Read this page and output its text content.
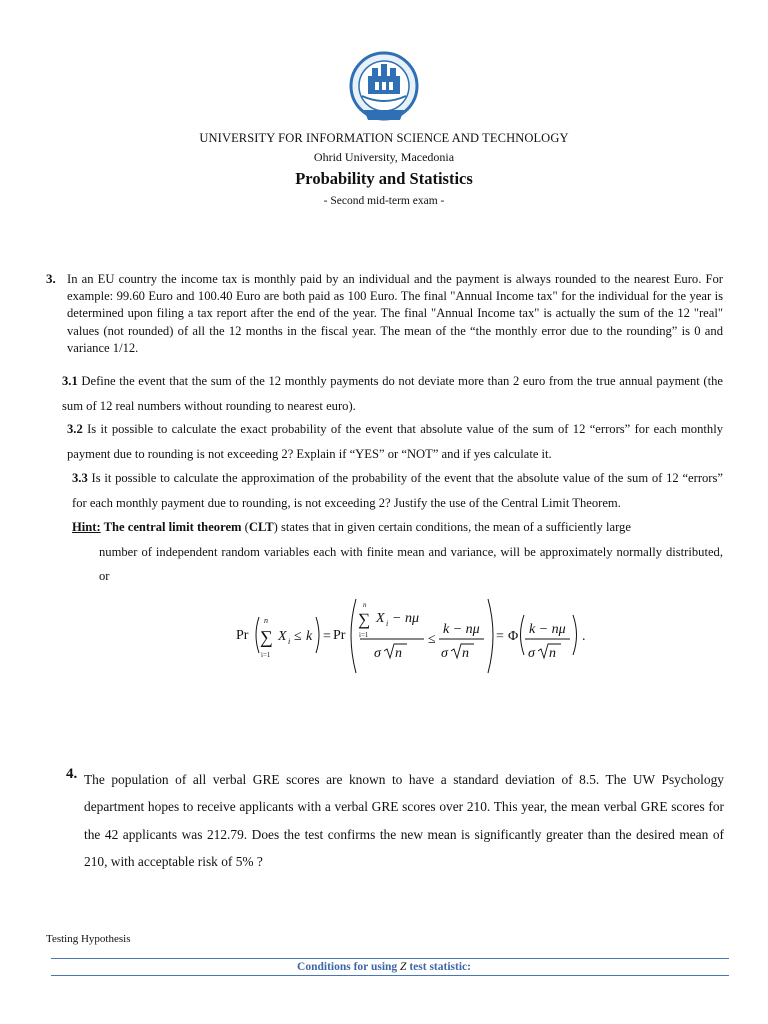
UNIVERSITY FOR INFORMATION SCIENCE AND TECHNOLOGY
Ohrid University, Macedonia
Probability and Statistics
- Second mid-term exam -
3. In an EU country the income tax is monthly paid by an individual and the payment is always rounded to the nearest Euro. For example: 99.60 Euro and 100.40 Euro are both paid as 100 Euro. The final "Annual Income tax" for the individual for the year is determined upon filing a tax report after the end of the year. The final "Annual Income tax" is actually the sum of the 12 "real" values (not rounded) of all the 12 months in the fiscal year. The mean of the “the monthly error due to the rounding” is 0 and variance 1/12.
3.1 Define the event that the sum of the 12 monthly payments do not deviate more than 2 euro from the true annual payment (the sum of 12 real numbers without rounding to nearest euro).
3.2 Is it possible to calculate the exact probability of the event that absolute value of the sum of 12 “errors” for each monthly payment due to rounding is not exceeding 2? Explain if “YES” or “NOT” and if yes calculate it.
3.3 Is it possible to calculate the approximation of the probability of the event that the absolute value of the sum of 12 “errors” for each monthly payment due to rounding, is not exceeding 2? Justify the use of the Central Limit Theorem.
Hint: The central limit theorem (CLT) states that in given certain conditions, the mean of a sufficiently large
number of independent random variables each with finite mean and variance, will be approximately normally distributed, or
Pr
n
∑
i=1
X i ≤ k = Pr
n
∑
i=1
X i − nμ
σ n
≤
k − nμ
σ n
= Φ k − nμ
σ n
.
4. The population of all verbal GRE scores are known to have a standard deviation of 8.5. The UW Psychology department hopes to receive applicants with a verbal GRE scores over 210. This year, the mean verbal GRE scores for the 42 applicants was 212.79. Does the test confirms the new mean is significantly greater than the desired mean of 210, with acceptable risk of 5% ?
Testing Hypothesis
Conditions for using Z test statistic:
